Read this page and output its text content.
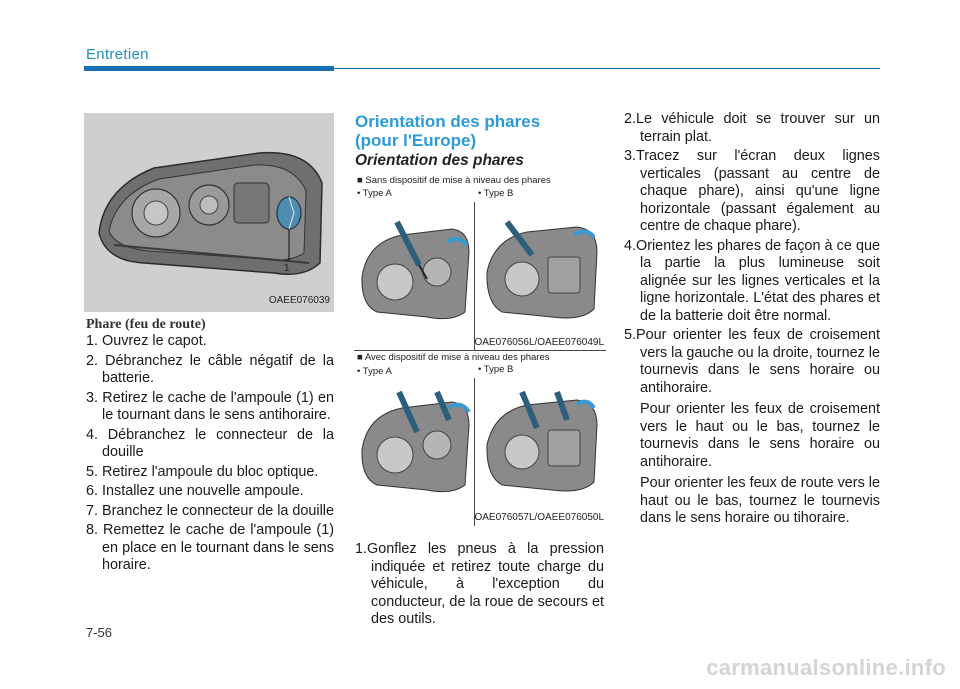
Entretien
1
OAEE076039
Phare (feu de route)

1. Ouvrez le capot.

2. Débranchez le câble négatif de la batterie.

3. Retirez le cache de l'ampoule (1) en le tournant dans le sens antihoraire.

4. Débranchez le connecteur de la douille

5. Retirez l'ampoule du bloc optique.

6. Installez une nouvelle ampoule.

7. Branchez le connecteur de la douille

8. Remettez le cache de l'ampoule (1) en place en le tournant dans le sens horaire.

Orientation des phares
(pour l'Europe)
Orientation des phares
■ Sans dispositif de mise à niveau des phares
• Type A	• Type B
OAE076056L/OAEE076049L
■ Avec dispositif de mise à niveau des phares
• Type A	• Type B
OAE076057L/OAEE076050L

1.Gonflez les pneus à la pression indiquée et retirez toute charge du véhicule, à l'exception du conducteur, de la roue de secours et des outils.

2.Le véhicule doit se trouver sur un terrain plat.

3.Tracez sur l'écran deux lignes verticales (passant au centre de chaque phare), ainsi qu'une ligne horizontale (passant également au centre de chaque phare).

4.Orientez les phares de façon à ce que la partie la plus lumineuse soit alignée sur les lignes verticales et la ligne horizontale. L'état des phares et de la batterie doit être normal.

5.Pour orienter les feux de croisement vers la gauche ou la droite, tournez le tournevis dans le sens horaire ou antihoraire.

Pour orienter les feux de croisement vers le haut ou le bas, tournez le tournevis dans le sens horaire ou antihoraire.

Pour orienter les feux de route vers le haut ou le bas, tournez le tournevis dans le sens horaire ou tihoraire.

7-56
carmanualsonline.info
